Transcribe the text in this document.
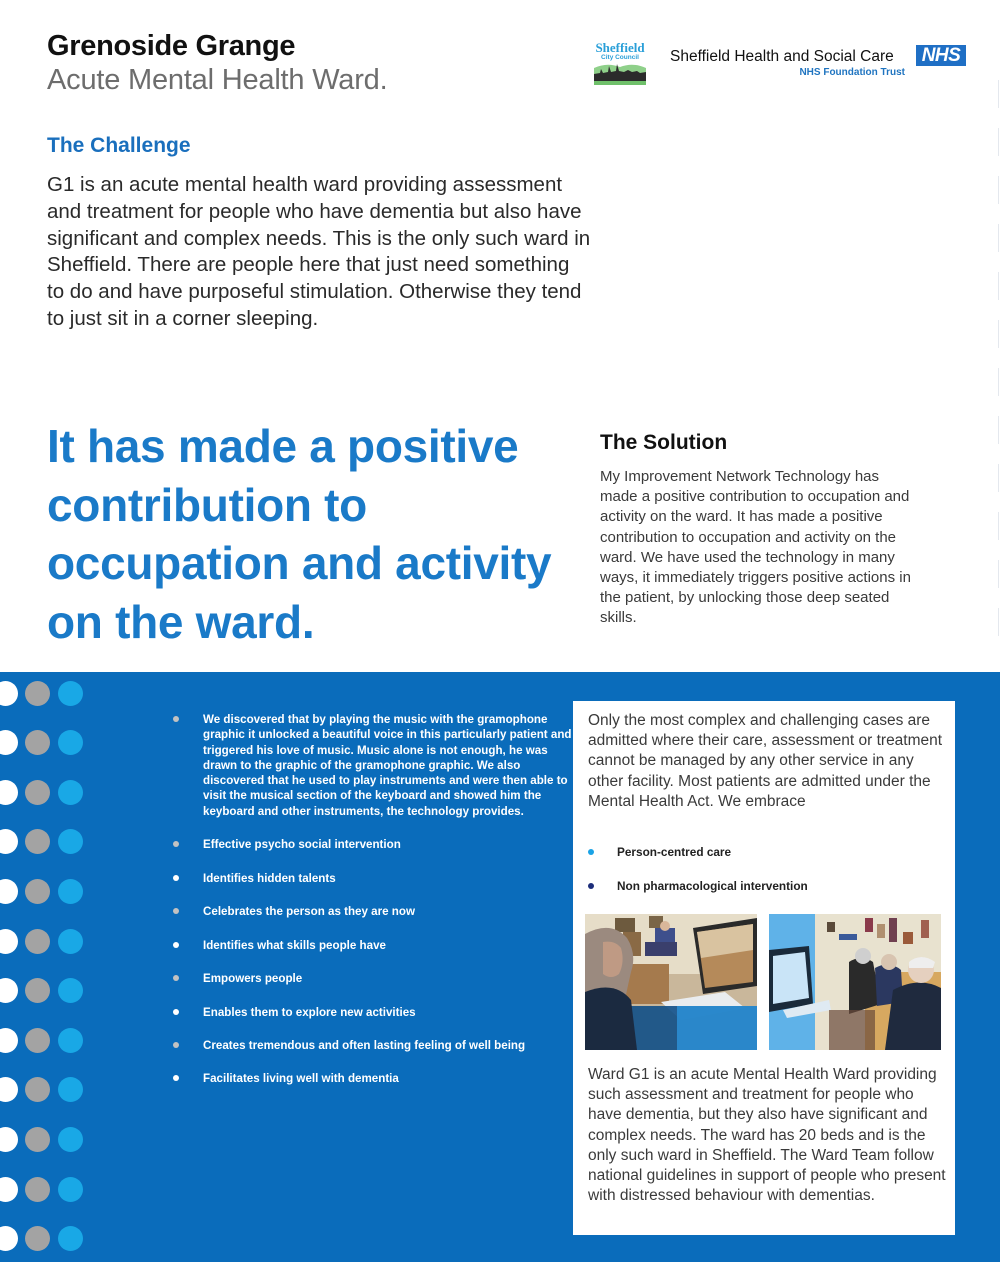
Grenoside Grange
Acute Mental Health Ward.
Sheffield
City Council	Sheffield Health and Social Care
NHS Foundation Trust
NHS
The Challenge
G1 is an acute mental health ward providing assessment and treatment for people who have dementia but also have significant and complex needs. This is the only such ward in Sheffield. There are people here that just need something to do and have purposeful stimulation. Otherwise they tend to just sit in a corner sleeping.
It has made a positive contribution to occupation and activity on the ward.
The Solution
My Improvement Network Technology has made a positive contribution to occupation and activity on the ward. It has made a positive contribution to occupation and activity on the ward. We have used the technology in many ways, it immediately triggers positive actions in the patient, by unlocking those deep seated skills.
We discovered that by playing the music with the gramophone graphic it unlocked a beautiful voice in this particularly patient and triggered his love of music. Music alone is not enough, he was drawn to the graphic of the gramophone graphic. We also discovered that he used to play instruments and were then able to visit the musical section of the keyboard and showed him the keyboard and other instruments, the technology provides.
Effective psycho social intervention
Identifies hidden talents
Celebrates the person as they are now
Identifies what skills people have
Empowers people
Enables them to explore new activities
Creates tremendous and often lasting feeling of well being
Facilitates living well with dementia
Only the most complex and challenging cases are admitted where their care, assessment or treatment cannot be managed by any other service in any other facility. Most patients are admitted under the Mental Health Act. We embrace
Person-centred care
Non pharmacological intervention
Ward G1 is an acute Mental Health Ward providing such assessment and treatment for people who have dementia, but they also have significant and complex needs. The ward has 20 beds and is the only such ward in Sheffield. The Ward Team follow national guidelines in support of people who present with distressed behaviour with dementias.
